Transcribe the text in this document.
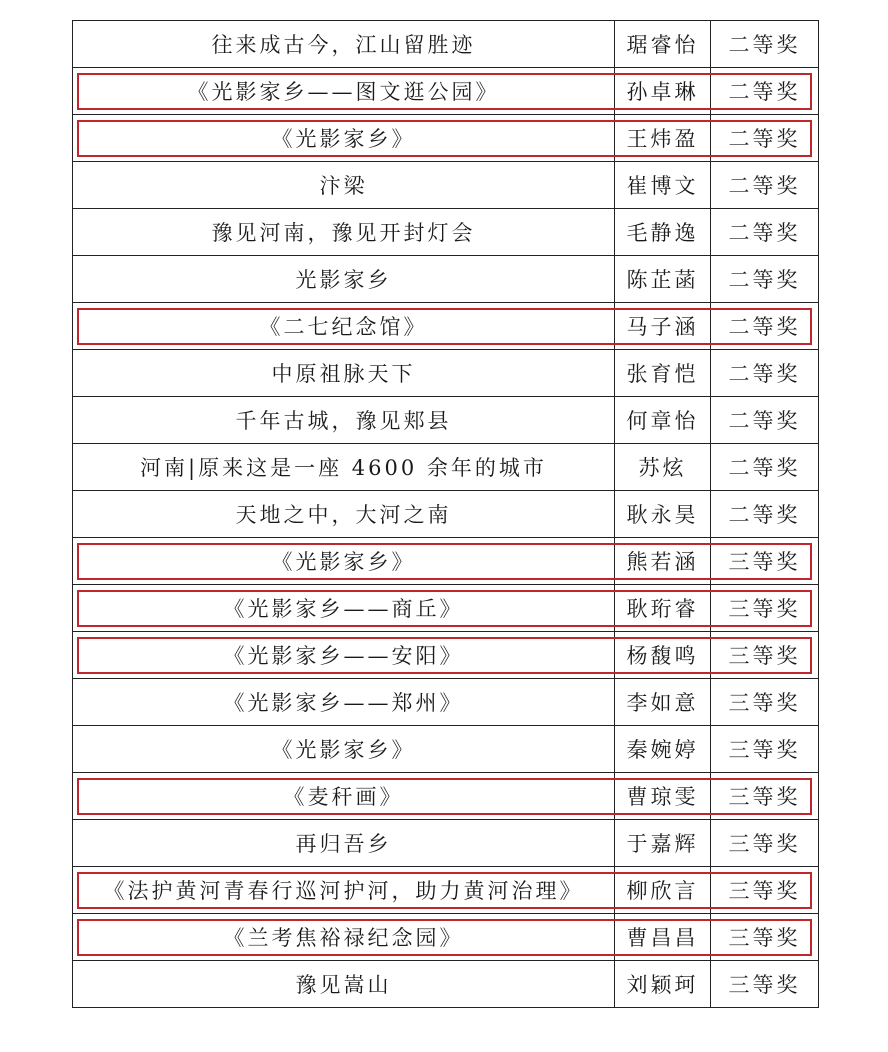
往来成古今，江山留胜迹	琚睿怡	二等奖
《光影家乡——图文逛公园》	孙卓琳	二等奖
《光影家乡》	王炜盈	二等奖
汴梁	崔博文	二等奖
豫见河南，豫见开封灯会	毛静逸	二等奖
光影家乡	陈芷菡	二等奖
《二七纪念馆》	马子涵	二等奖
中原祖脉天下	张育恺	二等奖
千年古城，豫见郏县	何章怡	二等奖
河南|原来这是一座 4600 余年的城市	苏炫	二等奖
天地之中，大河之南	耿永昊	二等奖
《光影家乡》	熊若涵	三等奖
《光影家乡——商丘》	耿珩睿	三等奖
《光影家乡——安阳》	杨馥鸣	三等奖
《光影家乡——郑州》	李如意	三等奖
《光影家乡》	秦婉婷	三等奖
《麦秆画》	曹琼雯	三等奖
再归吾乡	于嘉辉	三等奖
《法护黄河青春行巡河护河，助力黄河治理》	柳欣言	三等奖
《兰考焦裕禄纪念园》	曹昌昌	三等奖
豫见嵩山	刘颖珂	三等奖
